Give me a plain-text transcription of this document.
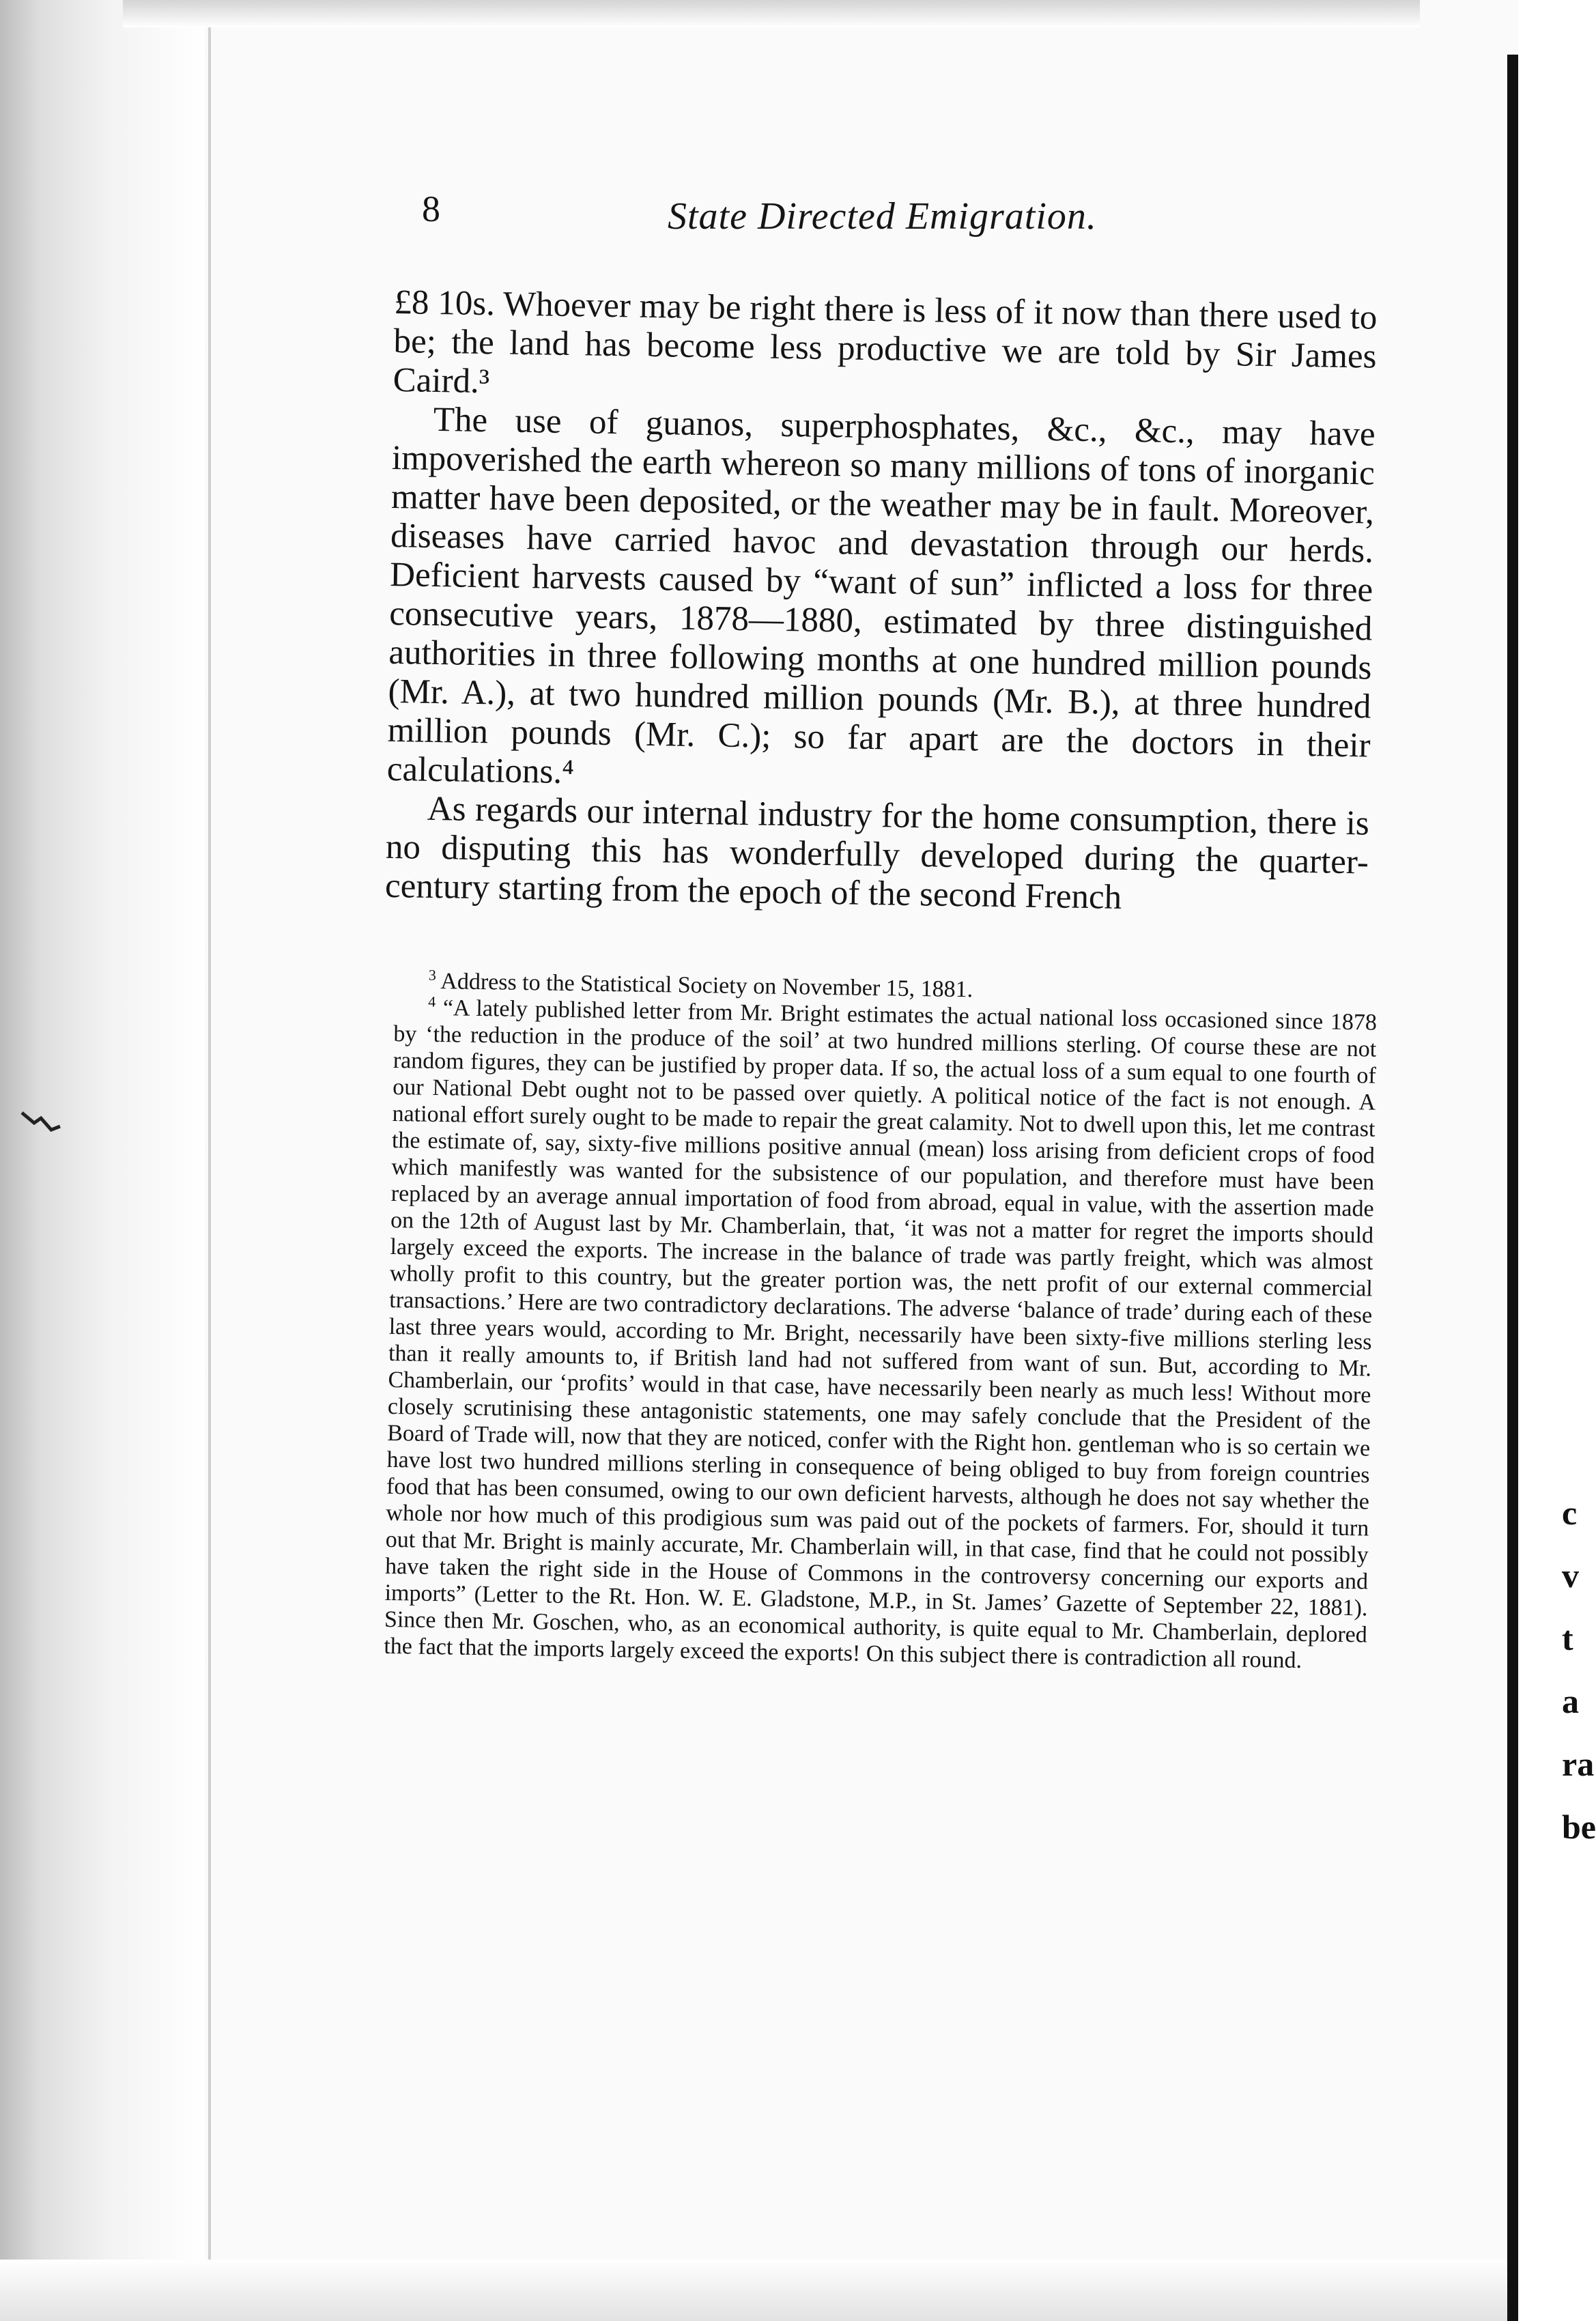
c
v
t
a
ra
be
8	State Directed Emigration.

£8 10s. Whoever may be right there is less of it now than there used to be; the land has become less productive we are told by Sir James Caird.³

The use of guanos, superphosphates, &c., &c., may have impoverished the earth whereon so many millions of tons of inorganic matter have been deposited, or the weather may be in fault. Moreover, diseases have carried havoc and devastation through our herds. Deficient harvests caused by “want of sun” inflicted a loss for three consecutive years, 1878—1880, estimated by three distinguished authorities in three following months at one hundred million pounds (Mr. A.), at two hundred million pounds (Mr. B.), at three hundred million pounds (Mr. C.); so far apart are the doctors in their calculations.⁴

As regards our internal industry for the home consumption, there is no disputing this has wonderfully developed during the quarter-century starting from the epoch of the second French

$^3$ Address to the Statistical Society on November 15, 1881.

$^4$ “A lately published letter from Mr. Bright estimates the actual national loss occasioned since 1878 by ‘the reduction in the produce of the soil’ at two hundred millions sterling. Of course these are not random figures, they can be justified by proper data. If so, the actual loss of a sum equal to one fourth of our National Debt ought not to be passed over quietly. A political notice of the fact is not enough. A national effort surely ought to be made to repair the great calamity. Not to dwell upon this, let me contrast the estimate of, say, sixty-five millions positive annual (mean) loss arising from deficient crops of food which manifestly was wanted for the subsistence of our population, and therefore must have been replaced by an average annual importation of food from abroad, equal in value, with the assertion made on the 12th of August last by Mr. Chamberlain, that, ‘it was not a matter for regret the imports should largely exceed the exports. The increase in the balance of trade was partly freight, which was almost wholly profit to this country, but the greater portion was, the nett profit of our external commercial transactions.’ Here are two contradictory declarations. The adverse ‘balance of trade’ during each of these last three years would, according to Mr. Bright, necessarily have been sixty-five millions sterling less than it really amounts to, if British land had not suffered from want of sun. But, according to Mr. Chamberlain, our ‘profits’ would in that case, have necessarily been nearly as much less! Without more closely scrutinising these antagonistic statements, one may safely conclude that the President of the Board of Trade will, now that they are noticed, confer with the Right hon. gentleman who is so certain we have lost two hundred millions sterling in consequence of being obliged to buy from foreign countries food that has been consumed, owing to our own deficient harvests, although he does not say whether the whole nor how much of this prodigious sum was paid out of the pockets of farmers. For, should it turn out that Mr. Bright is mainly accurate, Mr. Chamberlain will, in that case, find that he could not possibly have taken the right side in the House of Commons in the controversy concerning our exports and imports” (Letter to the Rt. Hon. W. E. Gladstone, M.P., in St. James’ Gazette of September 22, 1881). Since then Mr. Goschen, who, as an economical authority, is quite equal to Mr. Chamberlain, deplored the fact that the imports largely exceed the exports! On this subject there is contradiction all round.
